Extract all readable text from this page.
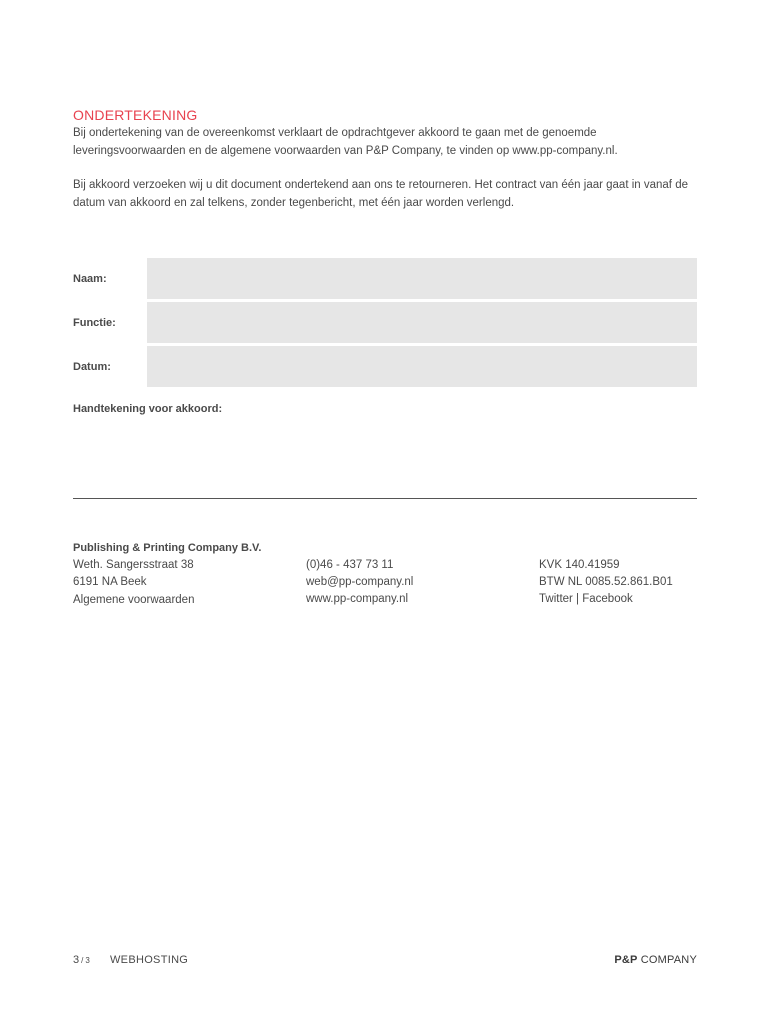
ONDERTEKENING

Bij ondertekening van de overeenkomst verklaart de opdrachtgever akkoord te gaan met de genoemde leveringsvoorwaarden en de algemene voorwaarden van P&P Company, te vinden op www.pp-company.nl.

Bij akkoord verzoeken wij u dit document ondertekend aan ons te retourneren. Het contract van één jaar gaat in vanaf de datum van akkoord en zal telkens, zonder tegenbericht, met één jaar worden verlengd.

Naam:
Functie:
Datum:
Handtekening voor akkoord:
Publishing & Printing Company B.V.
Weth. Sangersstraat 38
6191 NA Beek
Algemene voorwaarden
(0)46 - 437 73 11
web@pp-company.nl
www.pp-company.nl
KVK 140.41959
BTW NL 0085.52.861.B01
Twitter | Facebook
3 / 3 WEBHOSTING	P&P COMPANY
